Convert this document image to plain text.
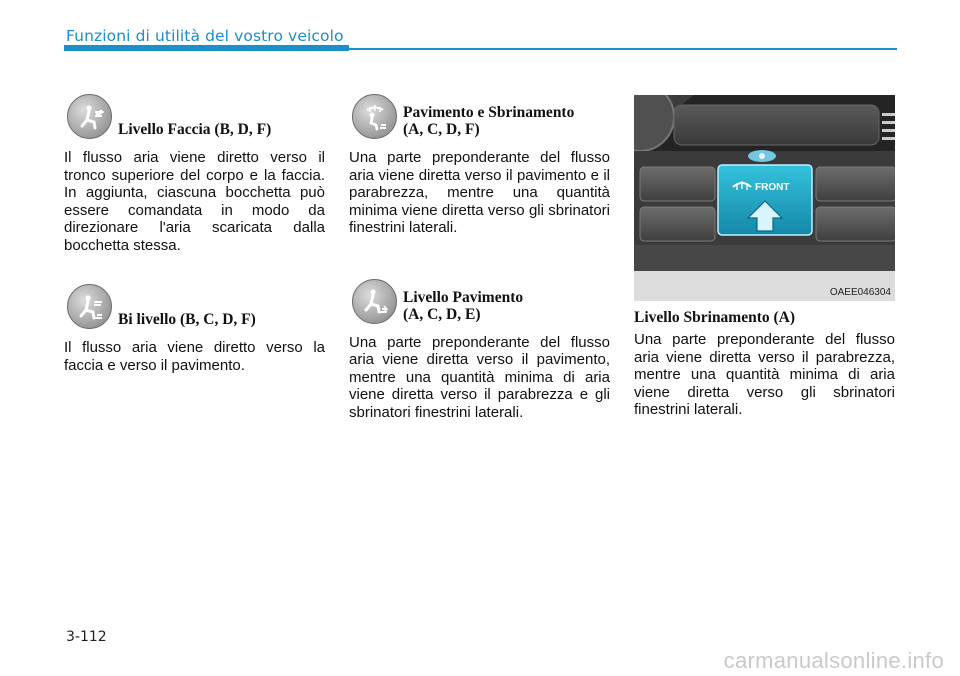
Funzioni di utilità del vostro veicolo
Livello Faccia (B, D, F)
Il flusso aria viene diretto verso il tronco superiore del corpo e la faccia. In aggiunta, ciascuna bocchetta può essere comandata in modo da direzionare l'aria scaricata dalla bocchetta stessa.
Bi livello (B, C, D, F)
Il flusso aria viene diretto verso la faccia e verso il pavimento.
Pavimento e Sbrinamento
(A, C, D, F)
Una parte preponderante del flusso aria viene diretta verso il pavimento e il parabrezza, mentre una quantità minima viene diretta verso gli sbrinatori finestrini laterali.
Livello Pavimento
(A, C, D, E)
Una parte preponderante del flusso aria viene diretta verso il pavimento, mentre una quantità minima di aria viene diretta verso il parabrezza e gli sbrinatori finestrini laterali.
FRONT
OAEE046304
Livello Sbrinamento (A)
Una parte preponderante del flusso aria viene diretta verso il parabrezza, mentre una quantità minima di aria viene diretta verso gli sbrinatori finestrini laterali.
3-112
carmanualsonline.info
